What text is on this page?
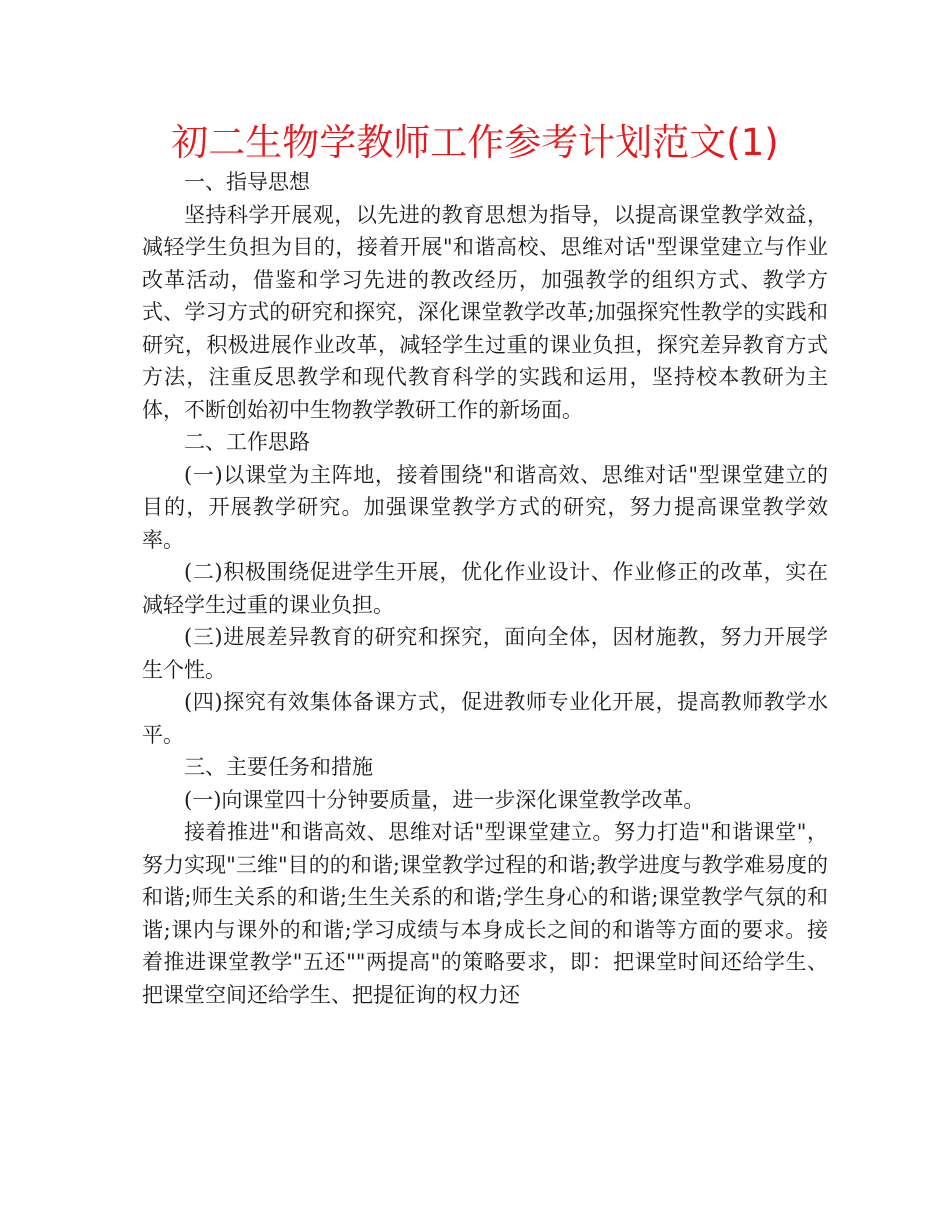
初二生物学教师工作参考计划范文(1)

一、指导思想

坚持科学开展观，以先进的教育思想为指导，以提高课堂教学效益，减轻学生负担为目的，接着开展"和谐高校、思维对话"型课堂建立与作业改革活动，借鉴和学习先进的教改经历，加强教学的组织方式、教学方式、学习方式的研究和探究，深化课堂教学改革;加强探究性教学的实践和研究，积极进展作业改革，减轻学生过重的课业负担，探究差异教育方式方法，注重反思教学和现代教育科学的实践和运用，坚持校本教研为主体，不断创始初中生物教学教研工作的新场面。

二、工作思路

(一)以课堂为主阵地，接着围绕"和谐高效、思维对话"型课堂建立的目的，开展教学研究。加强课堂教学方式的研究，努力提高课堂教学效率。

(二)积极围绕促进学生开展，优化作业设计、作业修正的改革，实在减轻学生过重的课业负担。

(三)进展差异教育的研究和探究，面向全体，因材施教，努力开展学生个性。

(四)探究有效集体备课方式，促进教师专业化开展，提高教师教学水平。

三、主要任务和措施

(一)向课堂四十分钟要质量，进一步深化课堂教学改革。

接着推进"和谐高效、思维对话"型课堂建立。努力打造"和谐课堂"，努力实现"三维"目的的和谐;课堂教学过程的和谐;教学进度与教学难易度的和谐;师生关系的和谐;生生关系的和谐;学生身心的和谐;课堂教学气氛的和谐;课内与课外的和谐;学习成绩与本身成长之间的和谐等方面的要求。接着推进课堂教学"五还""两提高"的策略要求，即：把课堂时间还给学生、把课堂空间还给学生、把提征询的权力还
